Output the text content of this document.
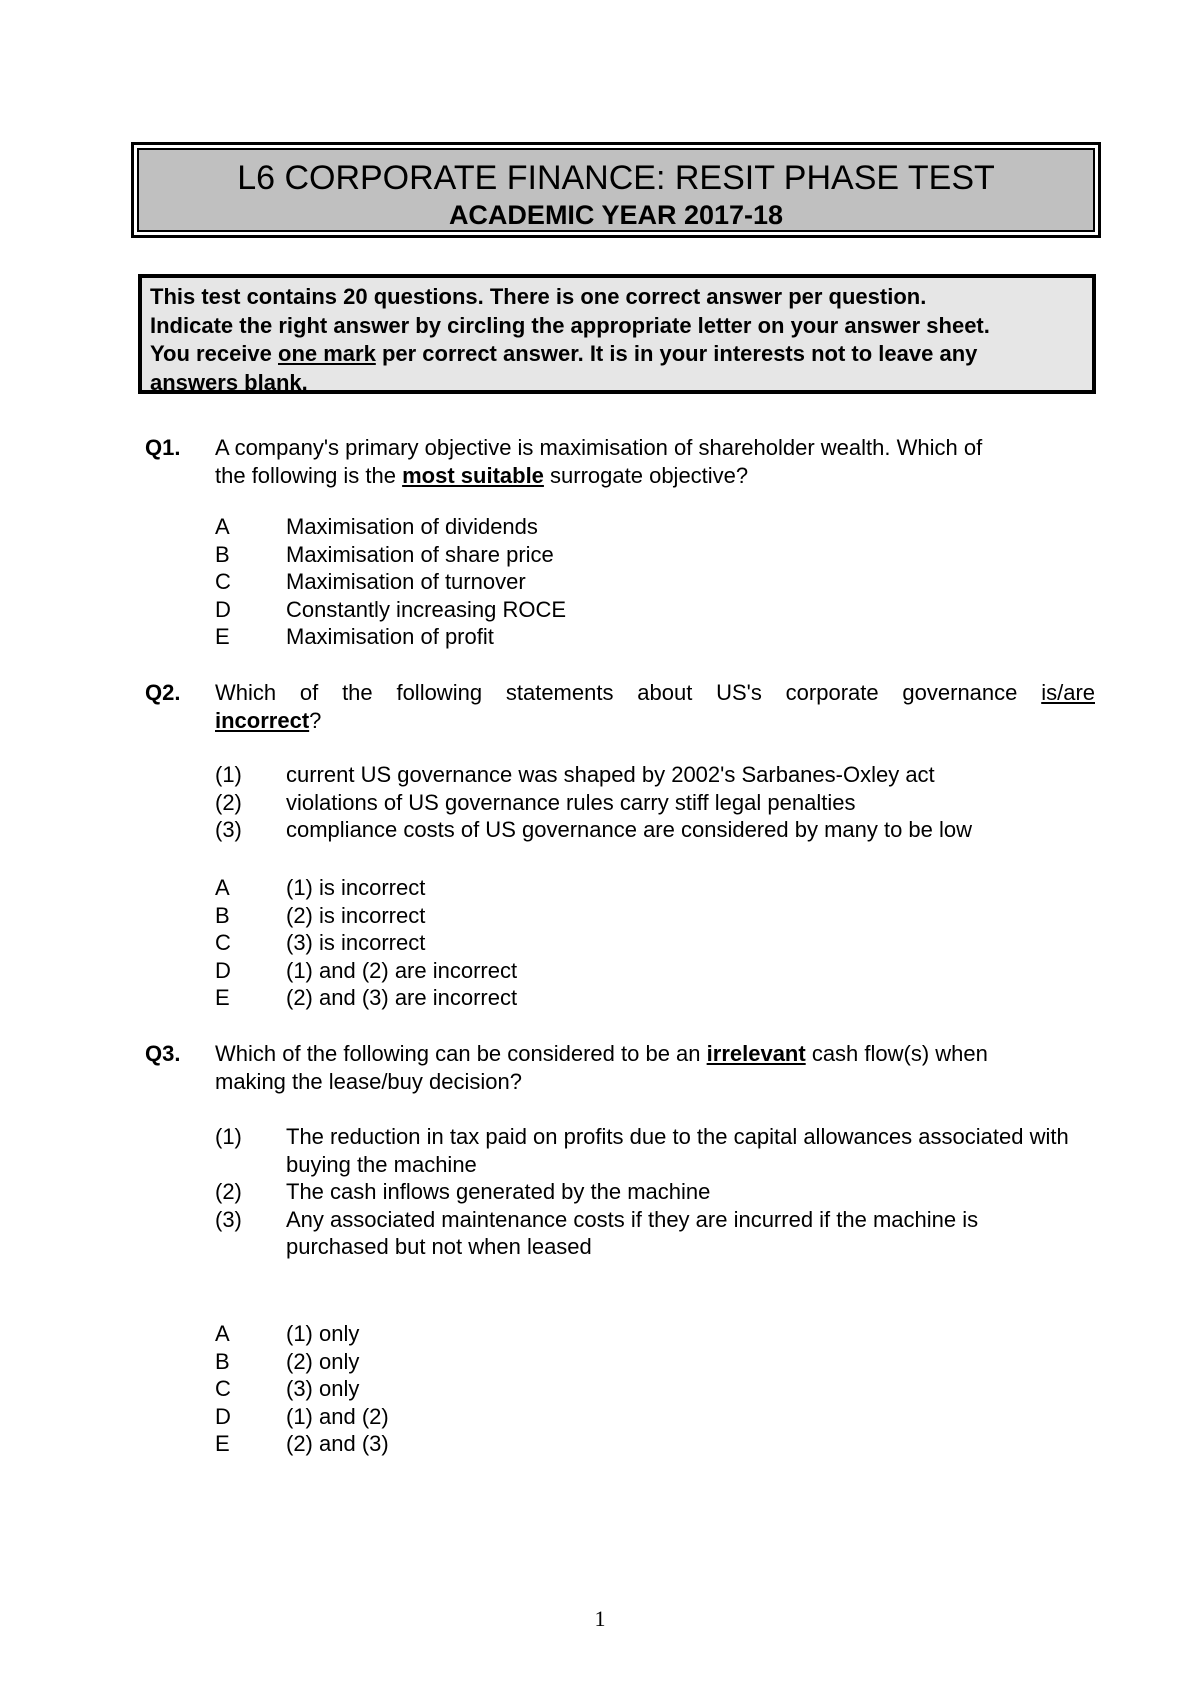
L6 CORPORATE FINANCE: RESIT PHASE TEST
ACADEMIC YEAR 2017-18
This test contains 20 questions. There is one correct answer per question.
Indicate the right answer by circling the appropriate letter on your answer sheet.
You receive one mark per correct answer. It is in your interests not to leave any
answers blank.
Q1. A company's primary objective is maximisation of shareholder wealth. Which of
the following is the most suitable surrogate objective?
A	Maximisation of dividends
B	Maximisation of share price
C	Maximisation of turnover
D	Constantly increasing ROCE
E	Maximisation of profit
Q2. Which of the following statements about US's corporate governance is/are
incorrect?
(1) current US governance was shaped by 2002's Sarbanes-Oxley act
(2) violations of US governance rules carry stiff legal penalties
(3) compliance costs of US governance are considered by many to be low
A	(1) is incorrect
B	(2) is incorrect
C	(3) is incorrect
D	(1) and (2) are incorrect
E	(2) and (3) are incorrect
Q3. Which of the following can be considered to be an irrelevant cash flow(s) when
making the lease/buy decision?
(1) The reduction in tax paid on profits due to the capital allowances associated with buying the machine
(2) The cash inflows generated by the machine
(3) Any associated maintenance costs if they are incurred if the machine is purchased but not when leased
A	(1) only
B	(2) only
C	(3) only
D	(1) and (2)
E	(2) and (3)
1
